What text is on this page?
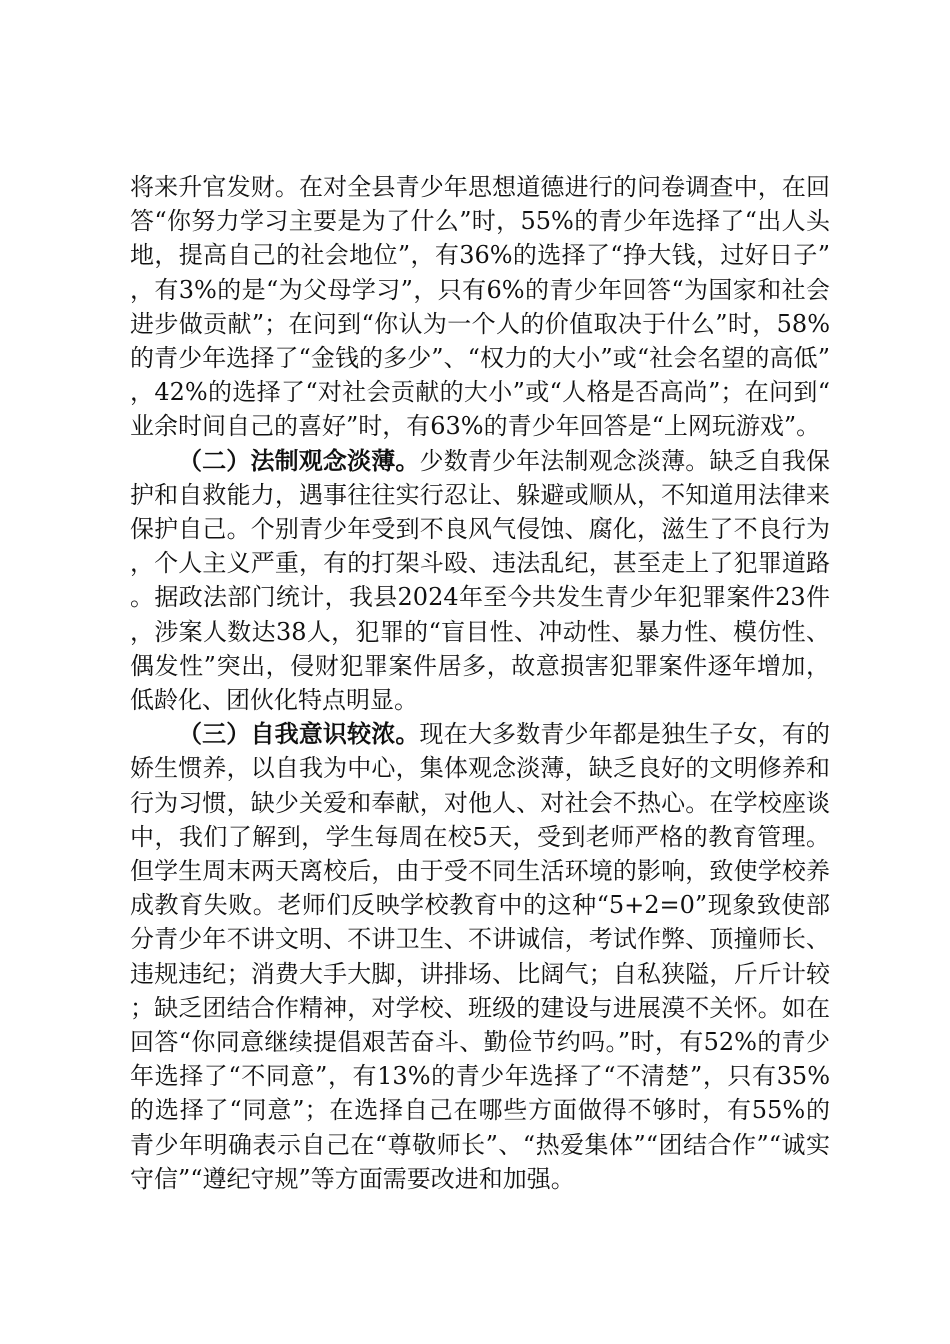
将来升官发财。在对全县青少年思想道德进行的问卷调查中，在回答“你努力学习主要是为了什么”时，55%的青少年选择了“出人头地，提高自己的社会地位”，有36%的选择了“挣大钱，过好日子”，有3%的是“为父母学习”，只有6%的青少年回答“为国家和社会进步做贡献”；在问到“你认为一个人的价值取决于什么”时，58%的青少年选择了“金钱的多少”、“权力的大小”或“社会名望的高低”，42%的选择了“对社会贡献的大小”或“人格是否高尚”；在问到“业余时间自己的喜好”时，有63%的青少年回答是“上网玩游戏”。

（二）法制观念淡薄。少数青少年法制观念淡薄。缺乏自我保护和自救能力，遇事往往实行忍让、躲避或顺从，不知道用法律来保护自己。个别青少年受到不良风气侵蚀、腐化，滋生了不良行为，个人主义严重，有的打架斗殴、违法乱纪，甚至走上了犯罪道路。据政法部门统计，我县2024年至今共发生青少年犯罪案件23件，涉案人数达38人，犯罪的“盲目性、冲动性、暴力性、模仿性、偶发性”突出，侵财犯罪案件居多，故意损害犯罪案件逐年增加，低龄化、团伙化特点明显。

（三）自我意识较浓。现在大多数青少年都是独生子女，有的娇生惯养，以自我为中心，集体观念淡薄，缺乏良好的文明修养和行为习惯，缺少关爱和奉献，对他人、对社会不热心。在学校座谈中，我们了解到，学生每周在校5天，受到老师严格的教育管理。但学生周末两天离校后，由于受不同生活环境的影响，致使学校养成教育失败。老师们反映学校教育中的这种“5+2=0”现象致使部分青少年不讲文明、不讲卫生、不讲诚信，考试作弊、顶撞师长、违规违纪；消费大手大脚，讲排场、比阔气；自私狭隘，斤斤计较；缺乏团结合作精神，对学校、班级的建设与进展漠不关怀。如在回答“你同意继续提倡艰苦奋斗、勤俭节约吗。”时，有52%的青少年选择了“不同意”，有13%的青少年选择了“不清楚”，只有35%的选择了“同意”；在选择自己在哪些方面做得不够时，有55%的青少年明确表示自己在“尊敬师长”、“热爱集体”“团结合作”“诚实守信”“遵纪守规”等方面需要改进和加强。
